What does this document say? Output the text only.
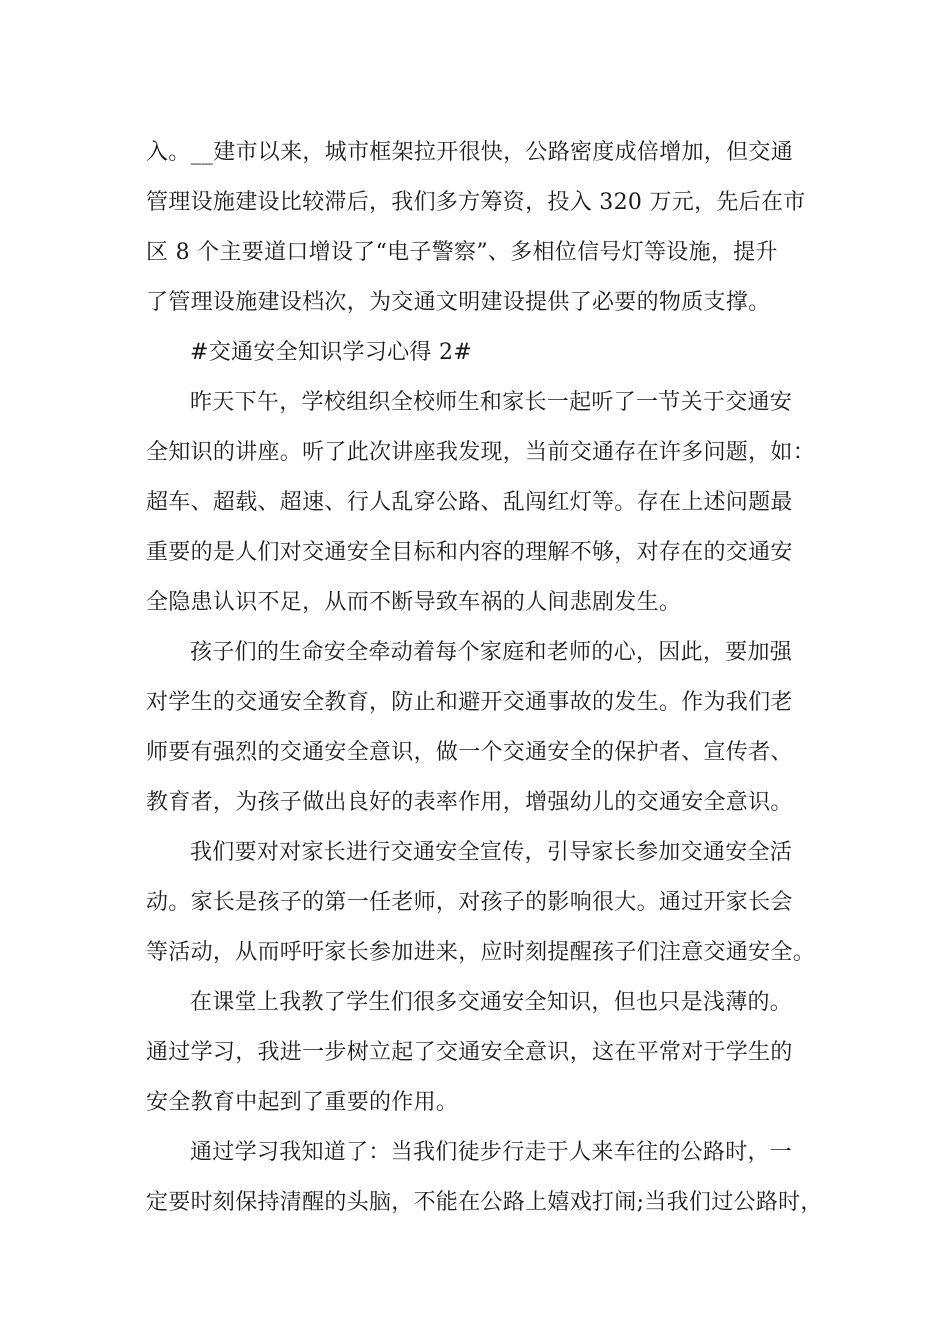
入。__建市以来，城市框架拉开很快，公路密度成倍增加，但交通
管理设施建设比较滞后，我们多方筹资，投入 320 万元，先后在市
区 8 个主要道口增设了“电子警察”、多相位信号灯等设施，提升
了管理设施建设档次，为交通文明建设提供了必要的物质支撑。
#交通安全知识学习心得 2#
昨天下午，学校组织全校师生和家长一起听了一节关于交通安
全知识的讲座。听了此次讲座我发现，当前交通存在许多问题，如：
超车、超载、超速、行人乱穿公路、乱闯红灯等。存在上述问题最
重要的是人们对交通安全目标和内容的理解不够，对存在的交通安
全隐患认识不足，从而不断导致车祸的人间悲剧发生。
孩子们的生命安全牵动着每个家庭和老师的心，因此，要加强
对学生的交通安全教育，防止和避开交通事故的发生。作为我们老
师要有强烈的交通安全意识，做一个交通安全的保护者、宣传者、
教育者，为孩子做出良好的表率作用，增强幼儿的交通安全意识。
我们要对对家长进行交通安全宣传，引导家长参加交通安全活
动。家长是孩子的第一任老师，对孩子的影响很大。通过开家长会
等活动，从而呼吁家长参加进来，应时刻提醒孩子们注意交通安全。
在课堂上我教了学生们很多交通安全知识，但也只是浅薄的。
通过学习，我进一步树立起了交通安全意识，这在平常对于学生的
安全教育中起到了重要的作用。
通过学习我知道了：当我们徒步行走于人来车往的公路时，一
定要时刻保持清醒的头脑，不能在公路上嬉戏打闹;当我们过公路时，
